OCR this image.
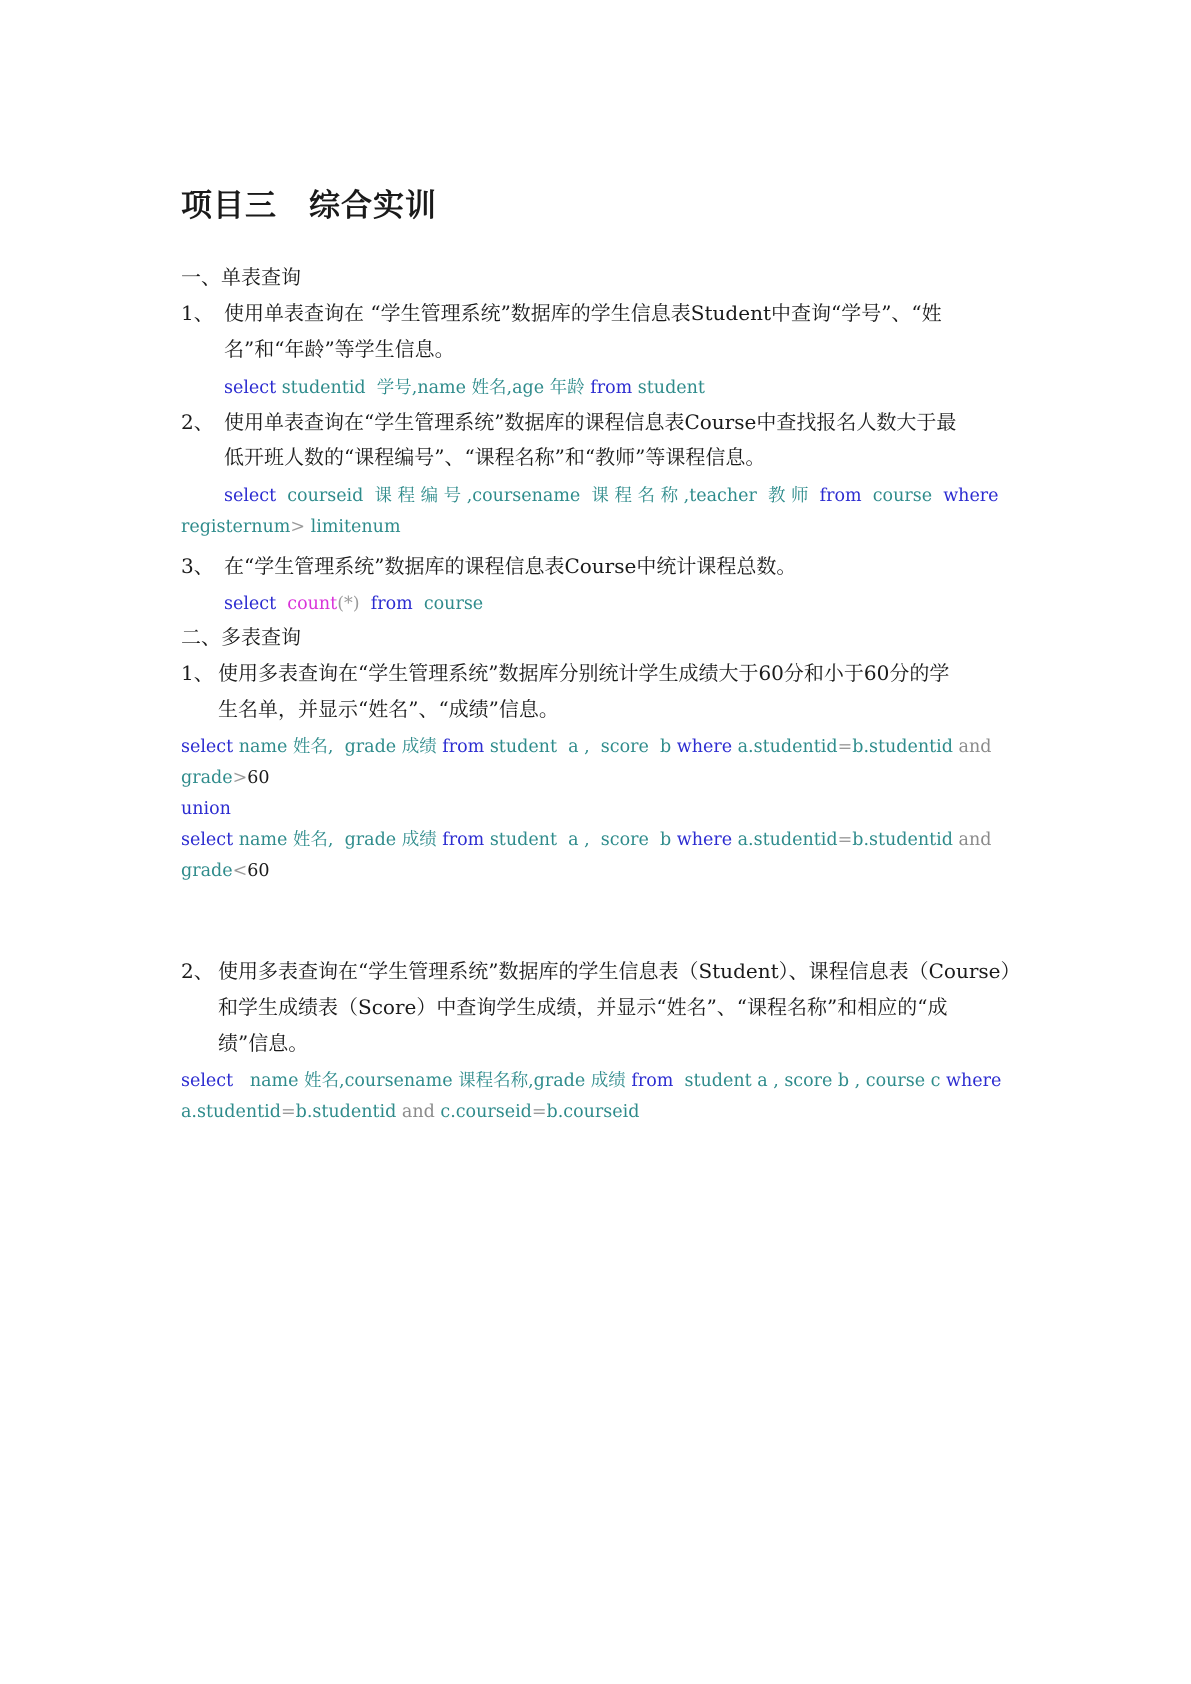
项目三　综合实训
一、单表查询
1、 使用单表查询在 “学生管理系统”数据库的学生信息表Student中查询“学号”、“姓
名”和“年龄”等学生信息。
select studentid  学号,name 姓名,age 年龄 from student
2、 使用单表查询在“学生管理系统”数据库的课程信息表Course中查找报名人数大于最
低开班人数的“课程编号”、“课程名称”和“教师”等课程信息。
select  courseid  课 程 编 号 ,coursename  课 程 名 称 ,teacher  教 师  from  course  where
registernum> limitenum
3、 在“学生管理系统”数据库的课程信息表Course中统计课程总数。
select count(*) from  course
二、多表查询
1、 使用多表查询在“学生管理系统”数据库分别统计学生成绩大于60分和小于60分的学
生名单，并显示“姓名”、“成绩”信息。
select name 姓名,  grade 成绩 from student  a ,  score  b where a.studentid=b.studentid and
grade>60
union
select name 姓名,  grade 成绩 from student  a ,  score  b where a.studentid=b.studentid and
grade<60
2、 使用多表查询在“学生管理系统”数据库的学生信息表（Student）、课程信息表（Course）
和学生成绩表（Score）中查询学生成绩，并显示“姓名”、“课程名称”和相应的“成
绩”信息。
select   name 姓名,coursename 课程名称,grade 成绩 from  student a , score b , course c where
a.studentid=b.studentid and c.courseid=b.courseid
